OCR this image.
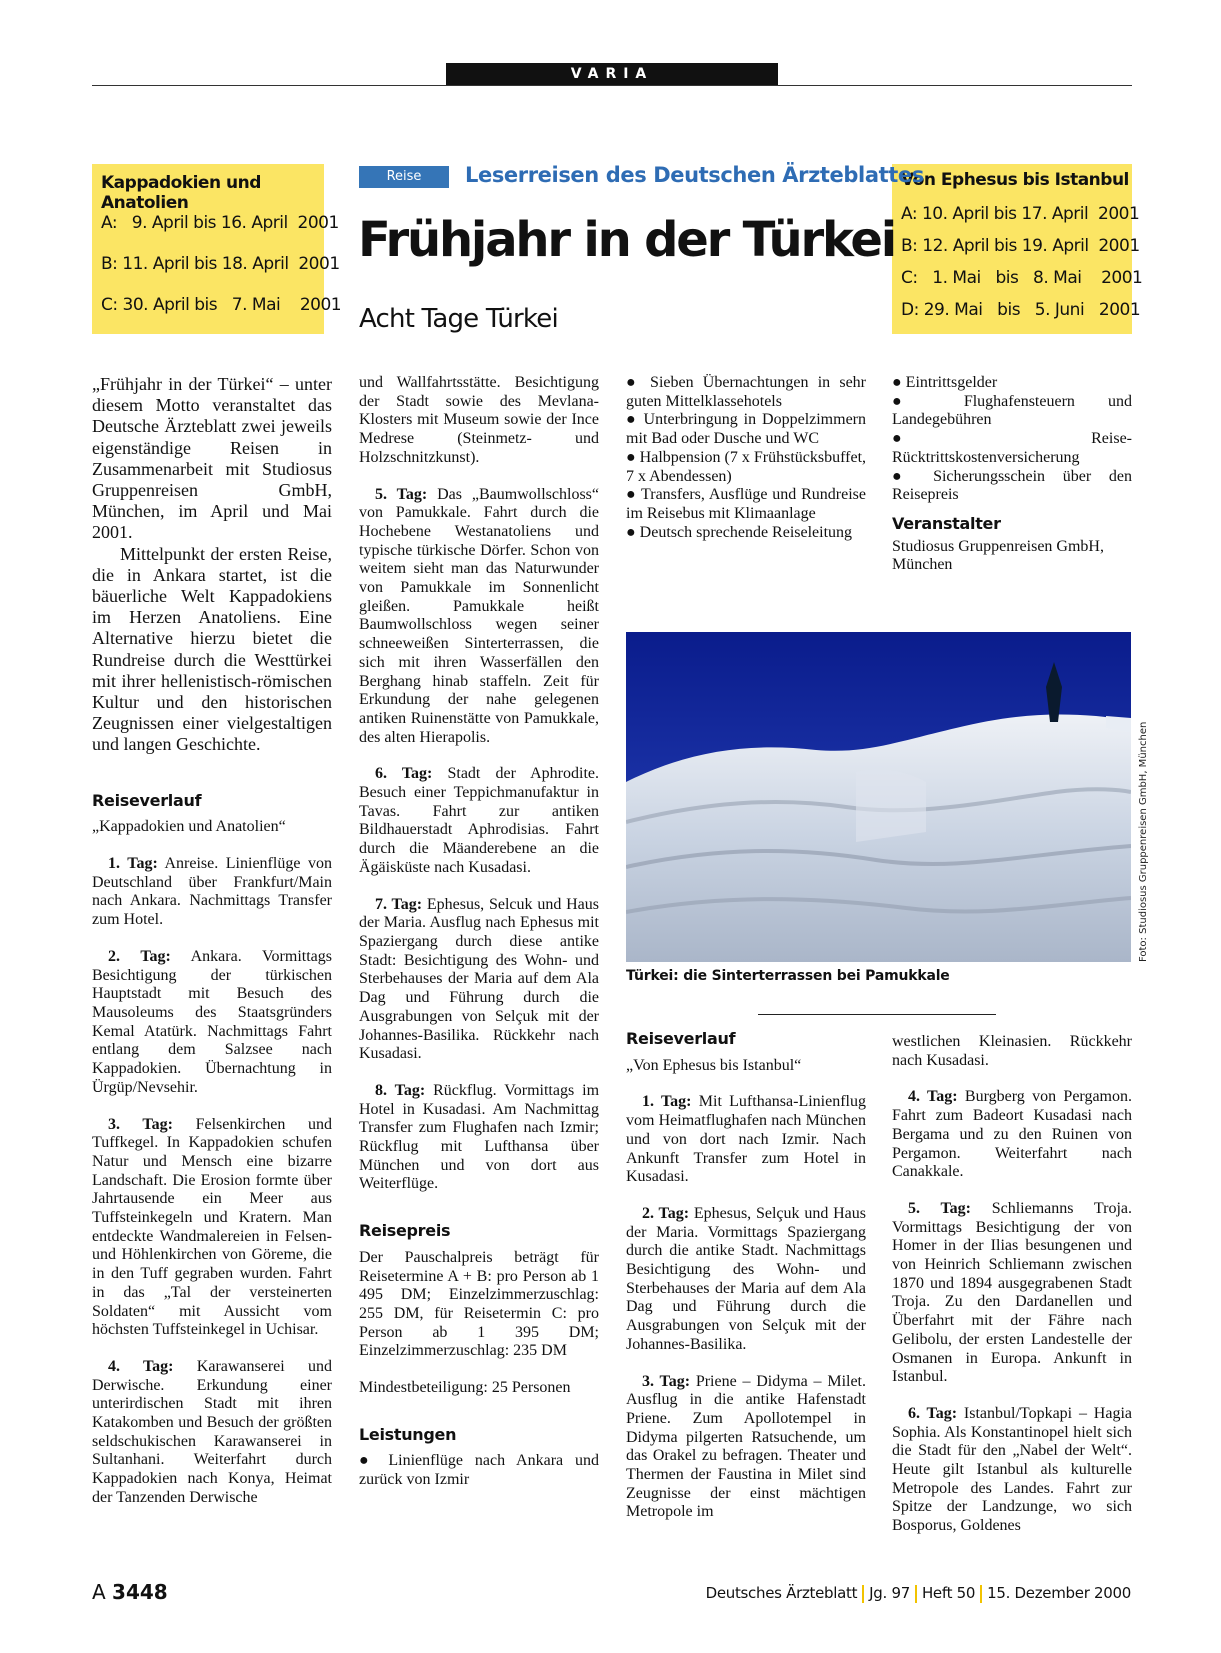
VARIA
Kappadokien und Anatolien
A:   9. April bis 16. April  2001
B: 11. April bis 18. April  2001
C: 30. April bis   7. Mai    2001
Von Ephesus bis Istanbul
A: 10. April bis 17. April  2001
B: 12. April bis 19. April  2001
C:   1. Mai   bis   8. Mai    2001
D: 29. Mai   bis   5. Juni   2001
Reise	Leserreisen des Deutschen Ärzteblattes
Frühjahr in der Türkei
Acht Tage Türkei

„Frühjahr in der Türkei“ – unter diesem Motto veranstaltet das Deutsche Ärzteblatt zwei jeweils eigenständige Reisen in Zusammenarbeit mit Studiosus Gruppenreisen GmbH, München, im April und Mai 2001.

Mittelpunkt der ersten Reise, die in Ankara startet, ist die bäuerliche Welt Kappadokiens im Herzen Anatoliens. Eine Alternative hierzu bietet die Rundreise durch die Westtürkei mit ihrer hellenistisch-römischen Kultur und den historischen Zeugnissen einer vielgestaltigen und langen Geschichte.

Reiseverlauf

„Kappadokien und Anatolien“

1. Tag: Anreise. Linienflüge von Deutschland über Frankfurt/Main nach Ankara. Nachmittags Transfer zum Hotel.

2. Tag: Ankara. Vormittags Besichtigung der türkischen Hauptstadt mit Besuch des Mausoleums des Staatsgründers Kemal Atatürk. Nachmittags Fahrt entlang dem Salzsee nach Kappadokien. Übernachtung in Ürgüp/Nevsehir.

3. Tag: Felsenkirchen und Tuffkegel. In Kappadokien schufen Natur und Mensch eine bizarre Landschaft. Die Erosion formte über Jahrtausende ein Meer aus Tuffsteinkegeln und Kratern. Man entdeckte Wandmalereien in Felsen- und Höhlenkirchen von Göreme, die in den Tuff gegraben wurden. Fahrt in das „Tal der versteinerten Soldaten“ mit Aussicht vom höchsten Tuffsteinkegel in Uchisar.

4. Tag: Karawanserei und Derwische. Erkundung einer unterirdischen Stadt mit ihren Katakomben und Besuch der größten seldschukischen Karawanserei in Sultanhani. Weiterfahrt durch Kappadokien nach Konya, Heimat der Tanzenden Derwische

und Wallfahrtsstätte. Besichtigung der Stadt sowie des Mevlana-Klosters mit Museum sowie der Ince Medrese (Steinmetz- und Holzschnitzkunst).

5. Tag: Das „Baumwollschloss“ von Pamukkale. Fahrt durch die Hochebene Westanatoliens und typische türkische Dörfer. Schon von weitem sieht man das Naturwunder von Pamukkale im Sonnenlicht gleißen. Pamukkale heißt Baumwollschloss wegen seiner schneeweißen Sinterterrassen, die sich mit ihren Wasserfällen den Berghang hinab staffeln. Zeit für Erkundung der nahe gelegenen antiken Ruinenstätte von Pamukkale, des alten Hierapolis.

6. Tag: Stadt der Aphrodite. Besuch einer Teppichmanufaktur in Tavas. Fahrt zur antiken Bildhauerstadt Aphrodisias. Fahrt durch die Mäanderebene an die Ägäisküste nach Kusadasi.

7. Tag: Ephesus, Selcuk und Haus der Maria. Ausflug nach Ephesus mit Spaziergang durch diese antike Stadt: Besichtigung des Wohn- und Sterbehauses der Maria auf dem Ala Dag und Führung durch die Ausgrabungen von Selçuk mit der Johannes-Basilika. Rückkehr nach Kusadasi.

8. Tag: Rückflug. Vormittags im Hotel in Kusadasi. Am Nachmittag Transfer zum Flughafen nach Izmir; Rückflug mit Lufthansa über München und von dort aus Weiterflüge.

Reisepreis

Der Pauschalpreis beträgt für Reisetermine A + B: pro Person ab 1 495 DM; Einzelzimmerzuschlag: 255 DM, für Reisetermin C: pro Person ab 1 395 DM; Einzelzimmerzuschlag: 235 DM

Mindestbeteiligung: 25 Personen

Leistungen

● Linienflüge nach Ankara und zurück von Izmir

● Sieben Übernachtungen in sehr guten Mittelklassehotels

● Unterbringung in Doppelzimmern mit Bad oder Dusche und WC

● Halbpension (7 x Frühstücksbuffet, 7 x Abendessen)

● Transfers, Ausflüge und Rundreise im Reisebus mit Klimaanlage

● Deutsch sprechende Reiseleitung

● Eintrittsgelder

● Flughafensteuern und Landegebühren

● Reise-Rücktrittskostenversicherung

● Sicherungsschein über den Reisepreis

Veranstalter

Studiosus Gruppenreisen GmbH, München

Foto: Studiosus Gruppenreisen GmbH, München
Türkei: die Sinterterrassen bei Pamukkale
Reiseverlauf

„Von Ephesus bis Istanbul“

1. Tag: Mit Lufthansa-Linienflug vom Heimatflughafen nach München und von dort nach Izmir. Nach Ankunft Transfer zum Hotel in Kusadasi.

2. Tag: Ephesus, Selçuk und Haus der Maria. Vormittags Spaziergang durch die antike Stadt. Nachmittags Besichtigung des Wohn- und Sterbehauses der Maria auf dem Ala Dag und Führung durch die Ausgrabungen von Selçuk mit der Johannes-Basilika.

3. Tag: Priene – Didyma – Milet. Ausflug in die antike Hafenstadt Priene. Zum Apollotempel in Didyma pilgerten Ratsuchende, um das Orakel zu befragen. Theater und Thermen der Faustina in Milet sind Zeugnisse der einst mächtigen Metropole im

westlichen Kleinasien. Rückkehr nach Kusadasi.

4. Tag: Burgberg von Pergamon. Fahrt zum Badeort Kusadasi nach Bergama und zu den Ruinen von Pergamon. Weiterfahrt nach Canakkale.

5. Tag: Schliemanns Troja. Vormittags Besichtigung der von Homer in der Ilias besungenen und von Heinrich Schliemann zwischen 1870 und 1894 ausgegrabenen Stadt Troja. Zu den Dardanellen und Überfahrt mit der Fähre nach Gelibolu, der ersten Landestelle der Osmanen in Europa. Ankunft in Istanbul.

6. Tag: Istanbul/Topkapi – Hagia Sophia. Als Konstantinopel hielt sich die Stadt für den „Nabel der Welt“. Heute gilt Istanbul als kulturelle Metropole des Landes. Fahrt zur Spitze der Landzunge, wo sich Bosporus, Goldenes

A 3448	Deutsches Ärzteblatt Jg. 97 Heft 50 15. Dezember 2000
